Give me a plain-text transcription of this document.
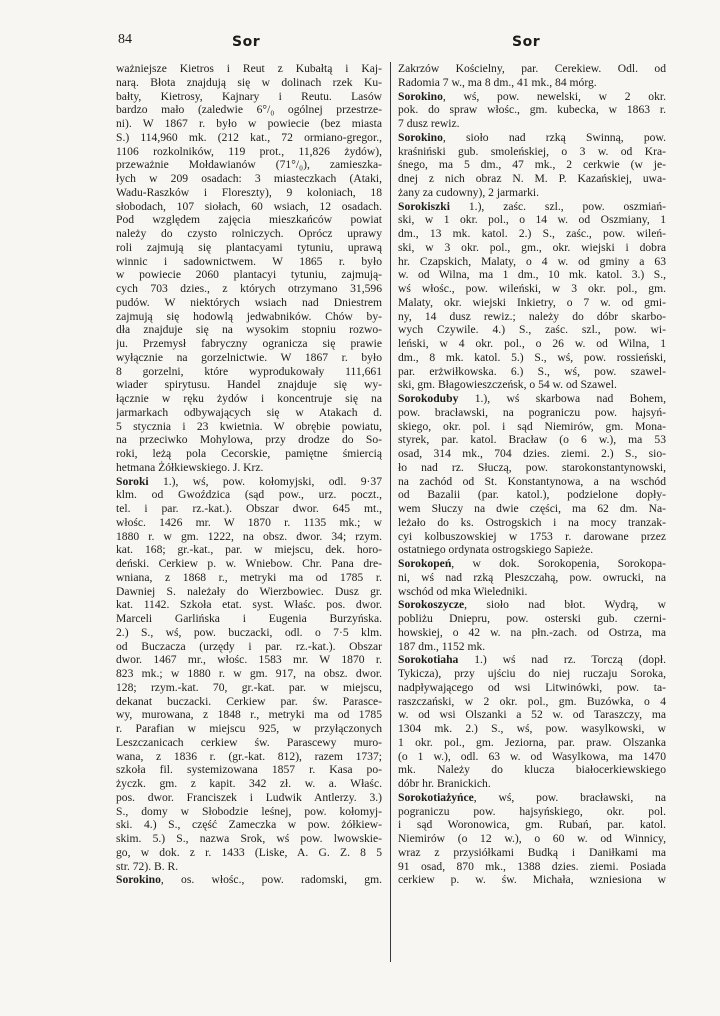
84	Sor	Sor
ważniejsze Kietros i Reut z Kubałtą i Kaj-
narą. Błota znajdują się w dolinach rzek Ku-
bałty, Kietrosy, Kajnary i Reutu. Lasów
bardzo mało (zaledwie 6°/₀ ogólnej przestrze-
ni). W 1867 r. było w powiecie (bez miasta
S.) 114,960 mk. (212 kat., 72 ormiano-gregor.,
1106 rozkolników, 119 prot., 11,826 żydów),
przeważnie Mołdawianów (71°/₀), zamieszka-
łych w 209 osadach: 3 miasteczkach (Ataki,
Wadu-Raszków i Floreszty), 9 koloniach, 18
słobodach, 107 siołach, 60 wsiach, 12 osadach.
Pod względem zajęcia mieszkańców powiat
należy do czysto rolniczych. Oprócz uprawy
roli zajmują się plantacyami tytuniu, uprawą
winnic i sadownictwem. W 1865 r. było
w powiecie 2060 plantacyi tytuniu, zajmują-
cych 703 dzies., z których otrzymano 31,596
pudów. W niektórych wsiach nad Dniestrem
zajmują się hodowlą jedwabników. Chów by-
dła znajduje się na wysokim stopniu rozwo-
ju. Przemysł fabryczny ogranicza się prawie
wyłącznie na gorzelnictwie. W 1867 r. było
8 gorzelni, które wyprodukowały 111,661
wiader spirytusu. Handel znajduje się wy-
łącznie w ręku żydów i koncentruje się na
jarmarkach odbywających się w Atakach d.
5 stycznia i 23 kwietnia. W obrębie powiatu,
na przeciwko Mohylowa, przy drodze do So-
roki, leżą pola Cecorskie, pamiętne śmiercią
hetmana Żółkiewskiego. J. Krz.
Soroki 1.), wś, pow. kołomyjski, odl. 9·37
klm. od Gwoździca (sąd pow., urz. poczt.,
tel. i par. rz.-kat.). Obszar dwor. 645 mt.,
włośc. 1426 mr. W 1870 r. 1135 mk.; w
1880 r. w gm. 1222, na obsz. dwor. 34; rzym.
kat. 168; gr.-kat., par. w miejscu, dek. horo-
deński. Cerkiew p. w. Wniebow. Chr. Pana dre-
wniana, z 1868 r., metryki ma od 1785 r.
Dawniej S. należały do Wierzbowiec. Dusz gr.
kat. 1142. Szkoła etat. syst. Właśc. pos. dwor.
Marceli Garlińska i Eugenia Burzyńska.
2.) S., wś, pow. buczacki, odl. o 7·5 klm.
od Buczacza (urzędy i par. rz.-kat.). Obszar
dwor. 1467 mr., włośc. 1583 mr. W 1870 r.
823 mk.; w 1880 r. w gm. 917, na obsz. dwor.
128; rzym.-kat. 70, gr.-kat. par. w miejscu,
dekanat buczacki. Cerkiew par. św. Parasce-
wy, murowana, z 1848 r., metryki ma od 1785
r. Parafian w miejscu 925, w przyłączonych
Leszczanicach cerkiew św. Parascewy muro-
wana, z 1836 r. (gr.-kat. 812), razem 1737;
szkoła fil. systemizowana 1857 r. Kasa po-
życzk. gm. z kapit. 342 zł. w. a. Właśc.
pos. dwor. Franciszek i Ludwik Antlerzy. 3.)
S., domy w Słobodzie leśnej, pow. kołomyj-
ski. 4.) S., część Zameczka w pow. żółkiew-
skim. 5.) S., nazwa Srok, wś pow. lwowskie-
go, w dok. z r. 1433 (Liske, A. G. Z. 8 5
str. 72). B. R.
Sorokino, os. włośc., pow. radomski, gm.
Zakrzów Kościelny, par. Cerekiew. Odl. od
Radomia 7 w., ma 8 dm., 41 mk., 84 mórg.
Sorokino, wś, pow. newelski, w 2 okr.
pok. do spraw włośc., gm. kubecka, w 1863 r.
7 dusz rewiz.
Sorokino, sioło nad rzką Swinną, pow.
kraśniński gub. smoleńskiej, o 3 w. od Kra-
śnego, ma 5 dm., 47 mk., 2 cerkwie (w je-
dnej z nich obraz N. M. P. Kazańskiej, uwa-
żany za cudowny), 2 jarmarki.
Sorokiszki 1.), zaśc. szl., pow. oszmiań-
ski, w 1 okr. pol., o 14 w. od Oszmiany, 1
dm., 13 mk. katol. 2.) S., zaśc., pow. wileń-
ski, w 3 okr. pol., gm., okr. wiejski i dobra
hr. Czapskich, Malaty, o 4 w. od gminy a 63
w. od Wilna, ma 1 dm., 10 mk. katol. 3.) S.,
wś włośc., pow. wileński, w 3 okr. pol., gm.
Malaty, okr. wiejski Inkietry, o 7 w. od gmi-
ny, 14 dusz rewiz.; należy do dóbr skarbo-
wych Czywile. 4.) S., zaśc. szl., pow. wi-
leński, w 4 okr. pol., o 26 w. od Wilna, 1
dm., 8 mk. katol. 5.) S., wś, pow. rossieński,
par. erżwiłkowska. 6.) S., wś, pow. szawel-
ski, gm. Błagowieszczeńsk, o 54 w. od Szawel.
Sorokoduby 1.), wś skarbowa nad Bohem,
pow. bracławski, na pograniczu pow. hajsyń-
skiego, okr. pol. i sąd Niemirów, gm. Mona-
styrek, par. katol. Bracław (o 6 w.), ma 53
osad, 314 mk., 704 dzies. ziemi. 2.) S., sio-
ło nad rz. Słuczą, pow. starokonstantynowski,
na zachód od St. Konstantynowa, a na wschód
od Bazalii (par. katol.), podzielone dopły-
wem Słuczy na dwie części, ma 62 dm. Na-
leżało do ks. Ostrogskich i na mocy tranzak-
cyi kolbuszowskiej w 1753 r. darowane przez
ostatniego ordynata ostrogskiego Sapieże.
Sorokopeń, w dok. Sorokopenia, Sorokopa-
ni, wś nad rzką Pleszczahą, pow. owrucki, na
wschód od mka Wieledniki.
Sorokoszycze, sioło nad błot. Wydrą, w
pobliżu Dniepru, pow. osterski gub. czerni-
howskiej, o 42 w. na płn.-zach. od Ostrza, ma
187 dm., 1152 mk.
Sorokotiaha 1.) wś nad rz. Torczą (dopł.
Tykicza), przy ujściu do niej ruczaju Soroka,
nadpływającego od wsi Litwinówki, pow. ta-
raszczański, w 2 okr. pol., gm. Buzówka, o 4
w. od wsi Olszanki a 52 w. od Taraszczy, ma
1304 mk. 2.) S., wś, pow. wasylkowski, w
1 okr. pol., gm. Jeziorna, par. praw. Olszanka
(o 1 w.), odl. 63 w. od Wasylkowa, ma 1470
mk. Należy do klucza białocerkiewskiego
dóbr hr. Branickich.
Sorokotiażyńce, wś, pow. bracławski, na
pograniczu pow. hajsyńskiego, okr. pol.
i sąd Woronowica, gm. Rubań, par. katol.
Niemirów (o 12 w.), o 60 w. od Winnicy,
wraz z przysiółkami Budką i Daniłkami ma
91 osad, 870 mk., 1388 dzies. ziemi. Posiada
cerkiew p. w. św. Michała, wzniesiona w
